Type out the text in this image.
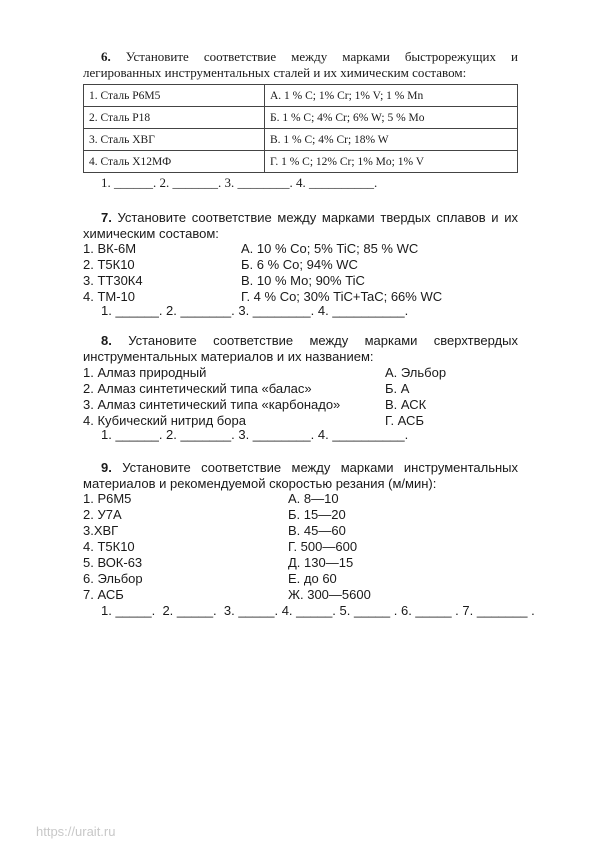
6. Установите соответствие между марками быстрорежущих и легированных инструментальных сталей и их химическим составом:
1. Сталь Р6М5	А. 1 % С; 1% Cr; 1% V; 1 % Mn
2. Сталь Р18	Б. 1 % С; 4% Cr; 6% W; 5 % Mo
3. Сталь ХВГ	В. 1 % С; 4% Cr; 18% W
4. Сталь Х12МФ	Г. 1 % С; 12% Cr; 1% Mo; 1% V
1. ______. 2. _______. 3. ________. 4. __________.
7. Установите соответствие между марками твердых сплавов и их химическим составом:
1. ВК-6М	А. 10 % Со; 5% TiC; 85 % WC
2. Т5К10	Б. 6 % Со; 94% WC
3. ТТ30К4	В. 10 % Мо; 90% TiC
4. ТМ-10	Г. 4 % Со; 30% TiC+TaC; 66% WC
1. ______. 2. _______. 3. ________. 4. __________.
8. Установите соответствие между марками сверхтвердых инструментальных материалов и их названием:
1. Алмаз природный	А. Эльбор
2. Алмаз синтетический типа «балас»	Б. А
3. Алмаз синтетический типа «карбонадо»	В. АСК
4. Кубический нитрид бора	Г. АСБ
1. ______. 2. _______. 3. ________. 4. __________.
9. Установите соответствие между марками инструментальных материалов и рекомендуемой скоростью резания (м/мин):
1. Р6М5	А. 8—10
2. У7А	Б. 15—20
3.ХВГ	В. 45—60
4. Т5К10	Г. 500—600
5. ВОК-63	Д. 130—15
6. Эльбор	Е. до 60
7. АСБ	Ж. 300—5600
1. _____.  2. _____.  3. _____. 4. _____. 5. _____ . 6. _____ . 7. _______ .
https://urait.ru
